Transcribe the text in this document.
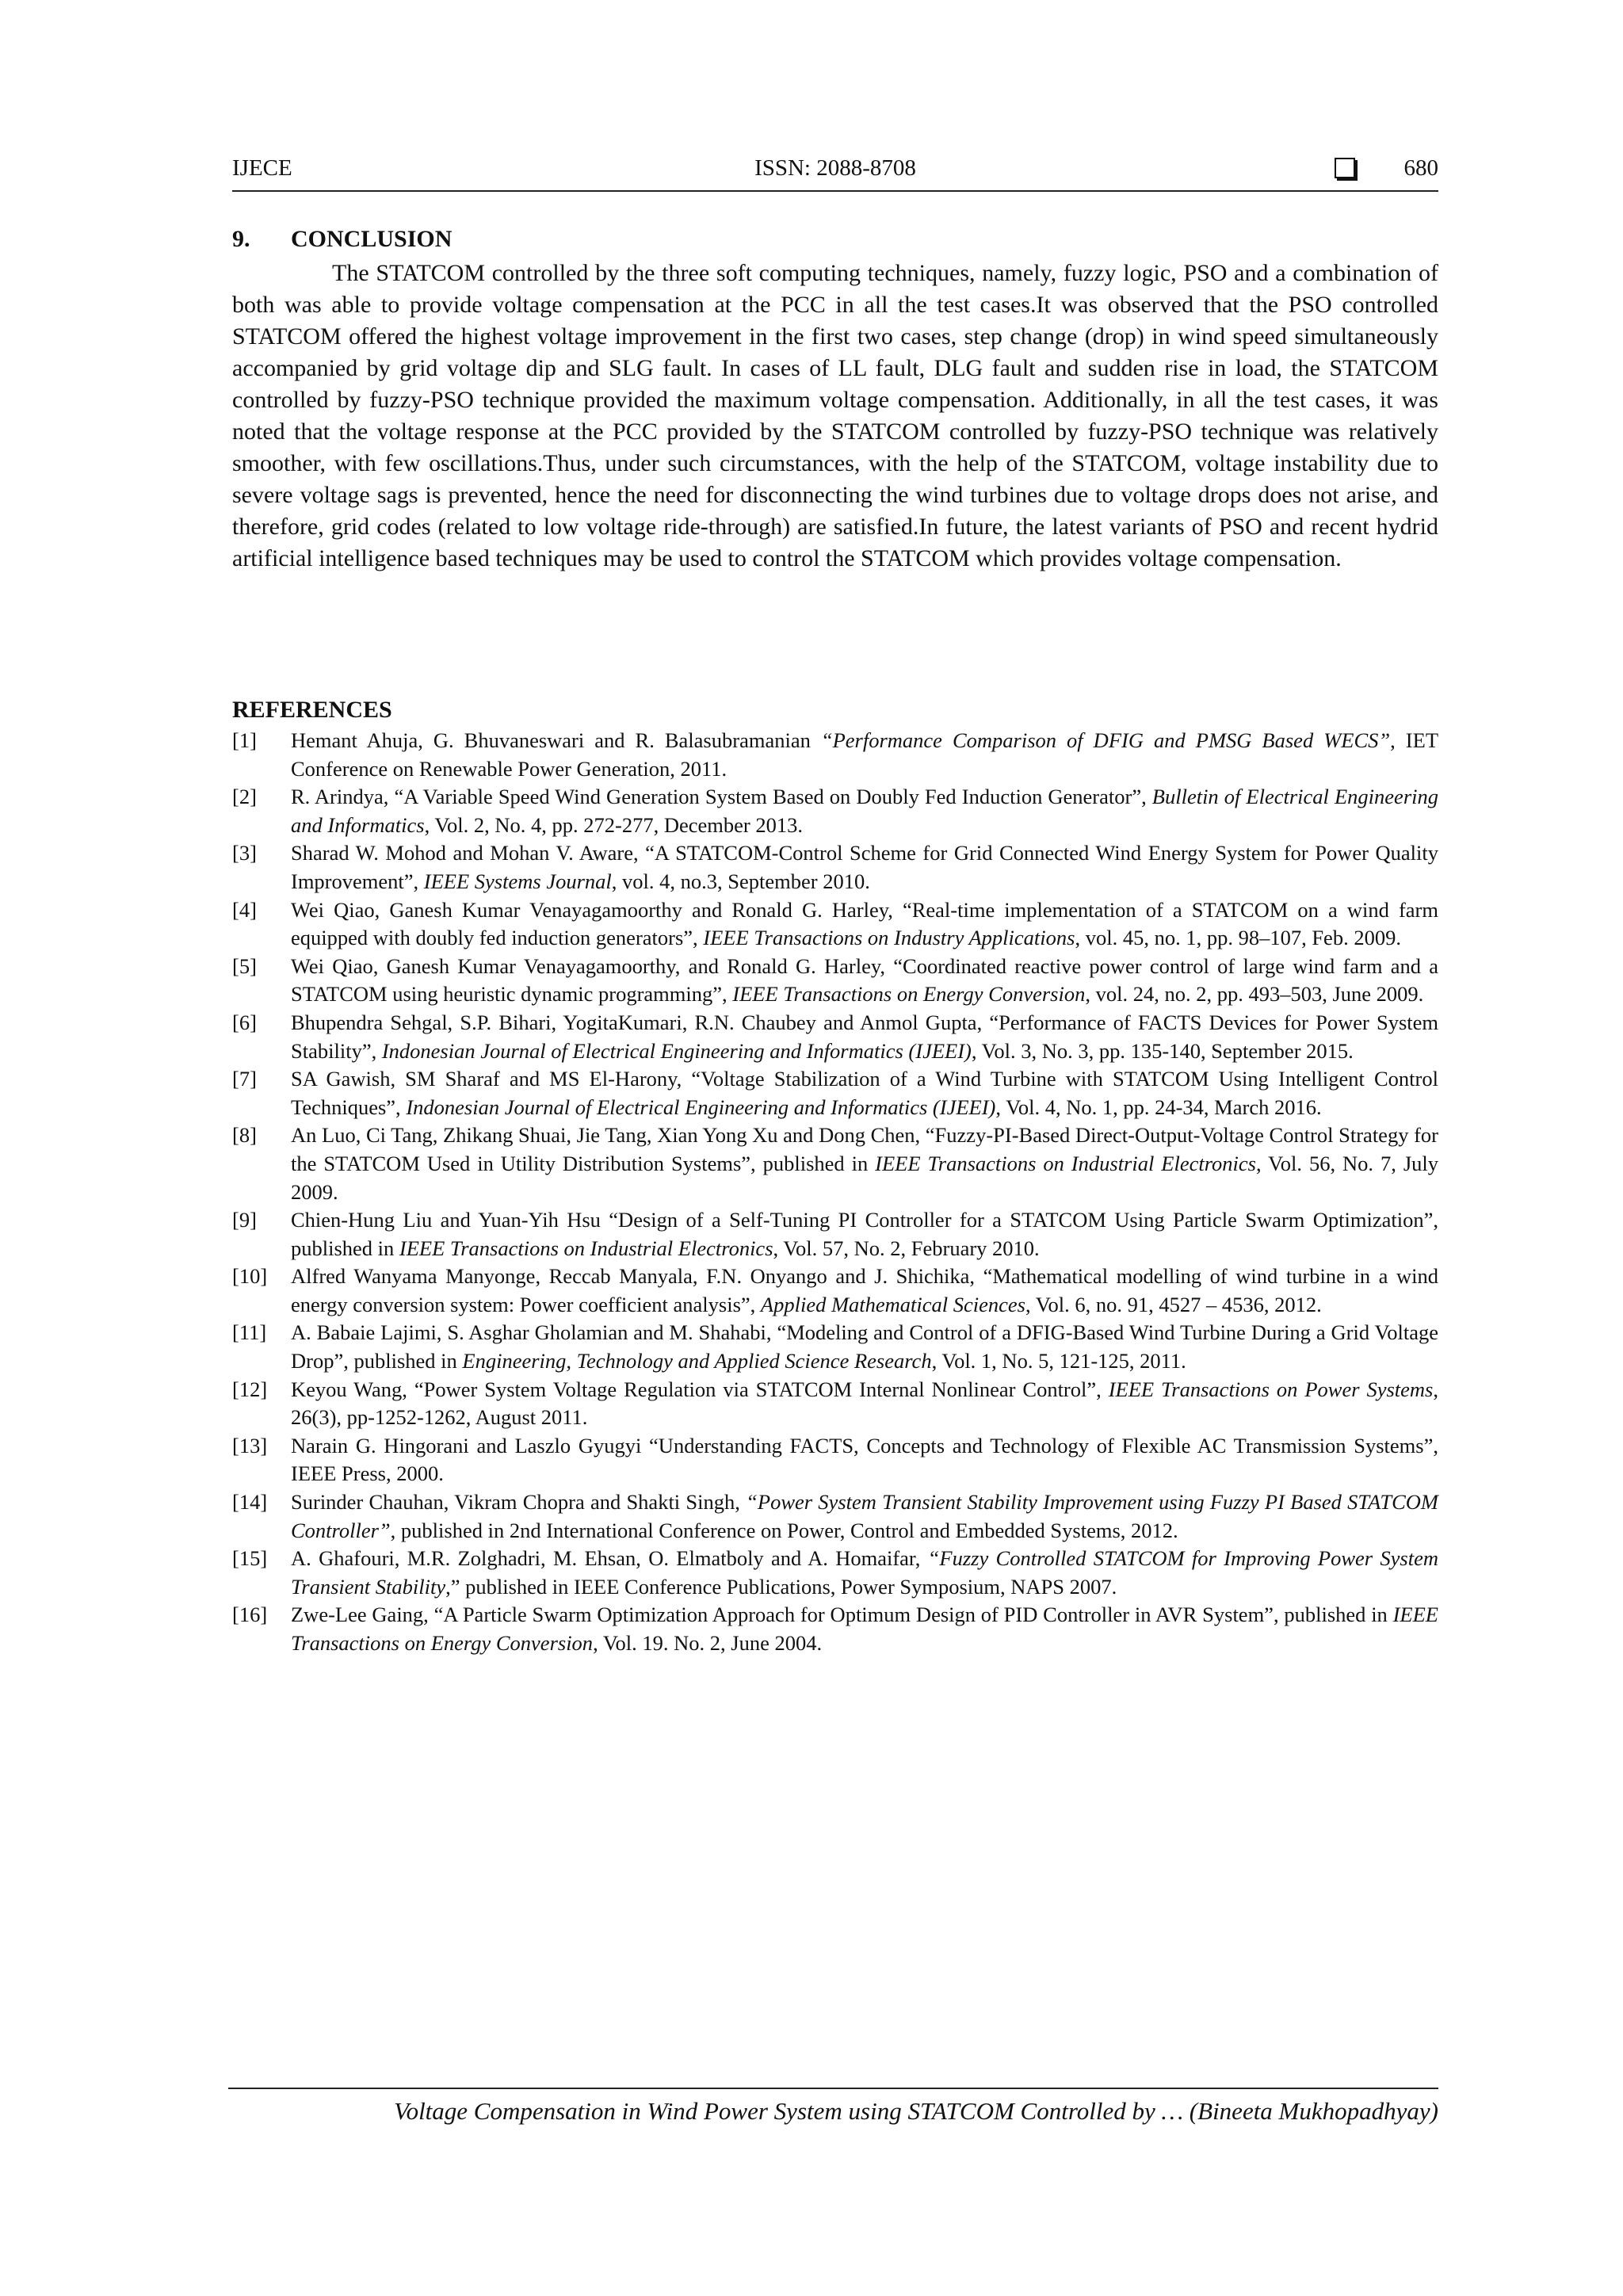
IJECE	ISSN: 2088-8708	680
9. CONCLUSION

The STATCOM controlled by the three soft computing techniques, namely, fuzzy logic, PSO and a combination of both was able to provide voltage compensation at the PCC in all the test cases.It was observed that the PSO controlled STATCOM offered the highest voltage improvement in the first two cases, step change (drop) in wind speed simultaneously accompanied by grid voltage dip and SLG fault. In cases of LL fault, DLG fault and sudden rise in load, the STATCOM controlled by fuzzy-PSO technique provided the maximum voltage compensation. Additionally, in all the test cases, it was noted that the voltage response at the PCC provided by the STATCOM controlled by fuzzy-PSO technique was relatively smoother, with few oscillations.Thus, under such circumstances, with the help of the STATCOM, voltage instability due to severe voltage sags is prevented, hence the need for disconnecting the wind turbines due to voltage drops does not arise, and therefore, grid codes (related to low voltage ride-through) are satisfied.In future, the latest variants of PSO and recent hydrid artificial intelligence based techniques may be used to control the STATCOM which provides voltage compensation.

REFERENCES
[1]	Hemant Ahuja, G. Bhuvaneswari and R. Balasubramanian “Performance Comparison of DFIG and PMSG Based WECS”, IET Conference on Renewable Power Generation, 2011.
[2]	R. Arindya, “A Variable Speed Wind Generation System Based on Doubly Fed Induction Generator”, Bulletin of Electrical Engineering and Informatics, Vol. 2, No. 4, pp. 272-277, December 2013.
[3]	Sharad W. Mohod and Mohan V. Aware, “A STATCOM-Control Scheme for Grid Connected Wind Energy System for Power Quality Improvement”, IEEE Systems Journal, vol. 4, no.3, September 2010.
[4]	Wei Qiao, Ganesh Kumar Venayagamoorthy and Ronald G. Harley, “Real-time implementation of a STATCOM on a wind farm equipped with doubly fed induction generators”, IEEE Transactions on Industry Applications, vol. 45, no. 1, pp. 98–107, Feb. 2009.
[5]	Wei Qiao, Ganesh Kumar Venayagamoorthy, and Ronald G. Harley, “Coordinated reactive power control of large wind farm and a STATCOM using heuristic dynamic programming”, IEEE Transactions on Energy Conversion, vol. 24, no. 2, pp. 493–503, June 2009.
[6]	Bhupendra Sehgal, S.P. Bihari, YogitaKumari, R.N. Chaubey and Anmol Gupta, “Performance of FACTS Devices for Power System Stability”, Indonesian Journal of Electrical Engineering and Informatics (IJEEI), Vol. 3, No. 3, pp. 135-140, September 2015.
[7]	SA Gawish, SM Sharaf and MS El-Harony, “Voltage Stabilization of a Wind Turbine with STATCOM Using Intelligent Control Techniques”, Indonesian Journal of Electrical Engineering and Informatics (IJEEI), Vol. 4, No. 1, pp. 24-34, March 2016.
[8]	An Luo, Ci Tang, Zhikang Shuai, Jie Tang, Xian Yong Xu and Dong Chen, “Fuzzy-PI-Based Direct-Output-Voltage Control Strategy for the STATCOM Used in Utility Distribution Systems”, published in IEEE Transactions on Industrial Electronics, Vol. 56, No. 7, July 2009.
[9]	Chien-Hung Liu and Yuan-Yih Hsu “Design of a Self-Tuning PI Controller for a STATCOM Using Particle Swarm Optimization”, published in IEEE Transactions on Industrial Electronics, Vol. 57, No. 2, February 2010.
[10]	Alfred Wanyama Manyonge, Reccab Manyala, F.N. Onyango and J. Shichika, “Mathematical modelling of wind turbine in a wind energy conversion system: Power coefficient analysis”, Applied Mathematical Sciences, Vol. 6, no. 91, 4527 – 4536, 2012.
[11]	A. Babaie Lajimi, S. Asghar Gholamian and M. Shahabi, “Modeling and Control of a DFIG-Based Wind Turbine During a Grid Voltage Drop”, published in Engineering, Technology and Applied Science Research, Vol. 1, No. 5, 121-125, 2011.
[12]	Keyou Wang, “Power System Voltage Regulation via STATCOM Internal Nonlinear Control”, IEEE Transactions on Power Systems, 26(3), pp-1252-1262, August 2011.
[13]	Narain G. Hingorani and Laszlo Gyugyi “Understanding FACTS, Concepts and Technology of Flexible AC Transmission Systems”, IEEE Press, 2000.
[14]	Surinder Chauhan, Vikram Chopra and Shakti Singh, “Power System Transient Stability Improvement using Fuzzy PI Based STATCOM Controller”, published in 2nd International Conference on Power, Control and Embedded Systems, 2012.
[15]	A. Ghafouri, M.R. Zolghadri, M. Ehsan, O. Elmatboly and A. Homaifar, “Fuzzy Controlled STATCOM for Improving Power System Transient Stability,” published in IEEE Conference Publications, Power Symposium, NAPS 2007.
[16]	Zwe-Lee Gaing, “A Particle Swarm Optimization Approach for Optimum Design of PID Controller in AVR System”, published in IEEE Transactions on Energy Conversion, Vol. 19. No. 2, June 2004.
Voltage Compensation in Wind Power System using STATCOM Controlled by … (Bineeta Mukhopadhyay)
